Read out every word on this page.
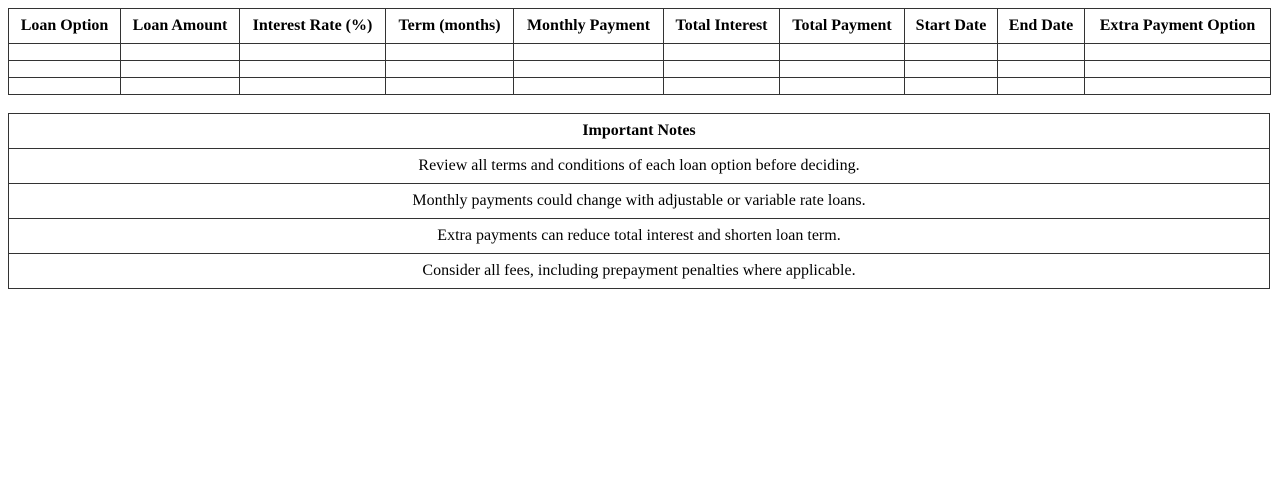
Loan Option	Loan Amount	Interest Rate (%)	Term (months)	Monthly Payment	Total Interest	Total Payment	Start Date	End Date	Extra Payment Option

Important Notes
Review all terms and conditions of each loan option before deciding.
Monthly payments could change with adjustable or variable rate loans.
Extra payments can reduce total interest and shorten loan term.
Consider all fees, including prepayment penalties where applicable.
